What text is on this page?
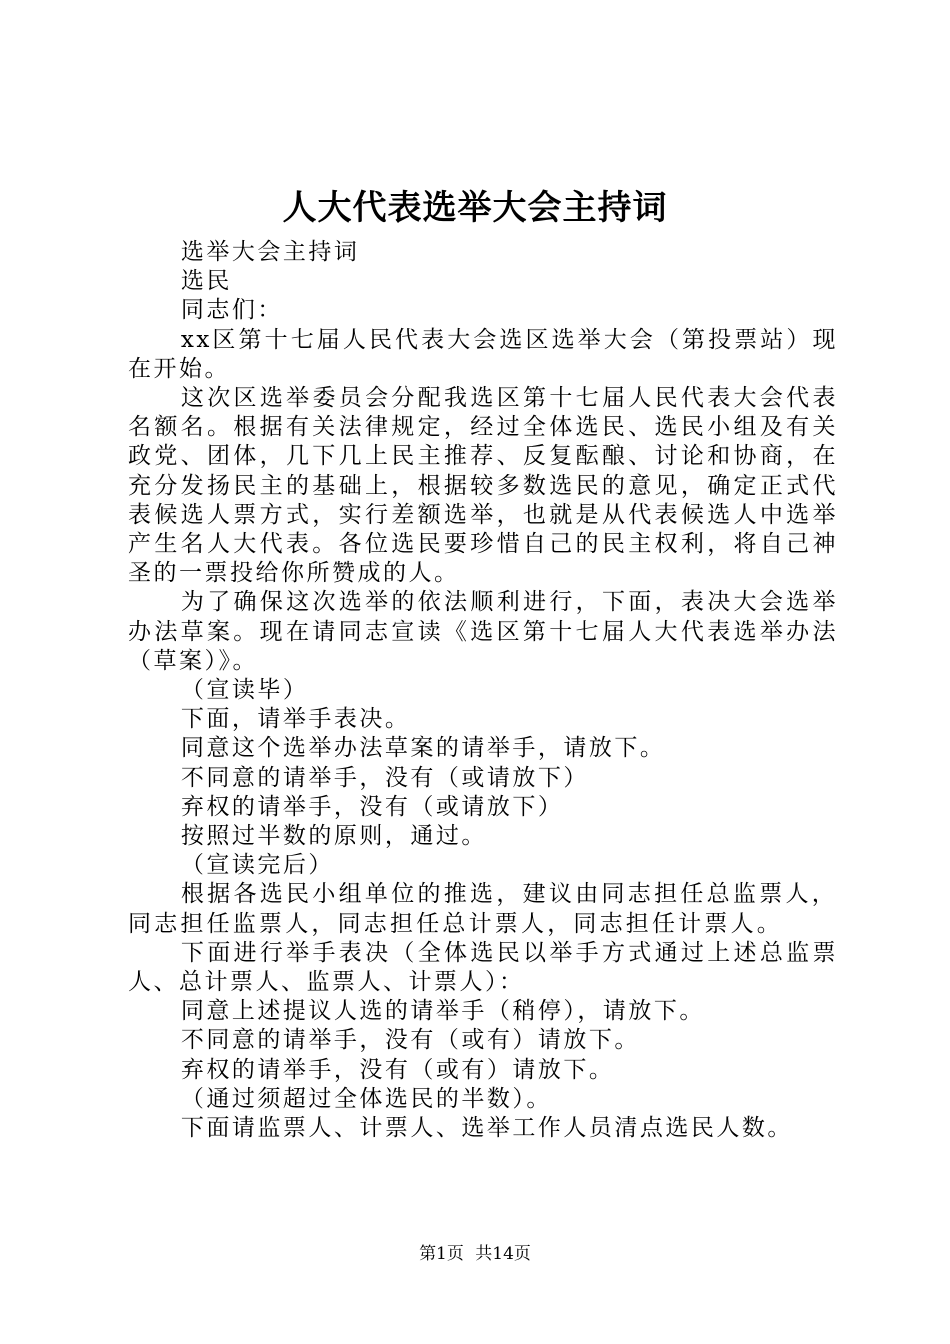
人大代表选举大会主持词

选举大会主持词

选民

同志们：

xx区第十七届人民代表大会选区选举大会（第投票站）现在开始。

这次区选举委员会分配我选区第十七届人民代表大会代表名额名。根据有关法律规定，经过全体选民、选民小组及有关政党、团体，几下几上民主推荐、反复酝酿、讨论和协商，在充分发扬民主的基础上，根据较多数选民的意见，确定正式代表候选人票方式，实行差额选举，也就是从代表候选人中选举产生名人大代表。各位选民要珍惜自己的民主权利，将自己神圣的一票投给你所赞成的人。

为了确保这次选举的依法顺利进行，下面，表决大会选举办法草案。现在请同志宣读《选区第十七届人大代表选举办法（草案）》。

（宣读毕）

下面，请举手表决。

同意这个选举办法草案的请举手，请放下。

不同意的请举手，没有（或请放下）

弃权的请举手，没有（或请放下）

按照过半数的原则，通过。

（宣读完后）

根据各选民小组单位的推选，建议由同志担任总监票人，同志担任监票人，同志担任总计票人，同志担任计票人。

下面进行举手表决（全体选民以举手方式通过上述总监票人、总计票人、监票人、计票人）：

同意上述提议人选的请举手（稍停），请放下。

不同意的请举手，没有（或有）请放下。

弃权的请举手，没有（或有）请放下。

（通过须超过全体选民的半数）。

下面请监票人、计票人、选举工作人员清点选民人数。

第1页 共14页
